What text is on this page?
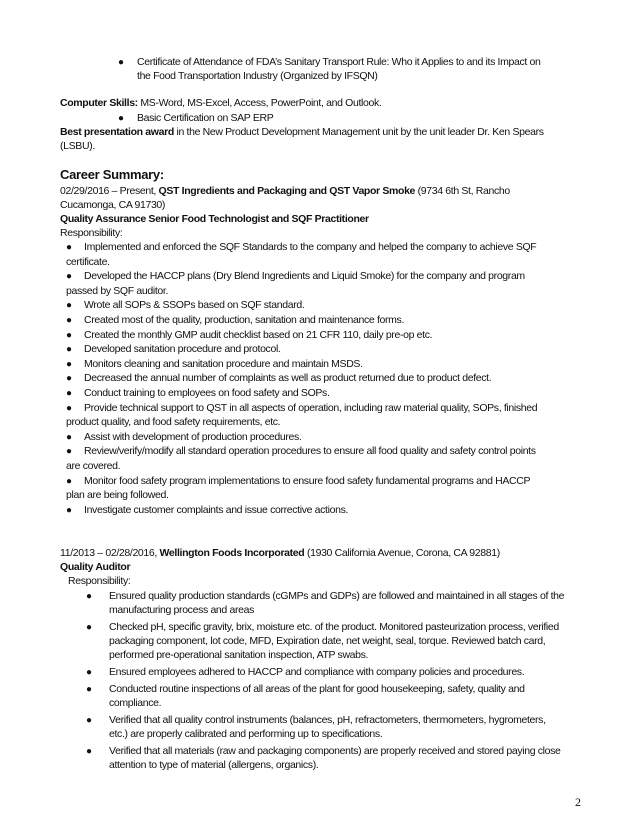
● Certificate of Attendance of FDA’s Sanitary Transport Rule: Who it Applies to and its Impact on
the Food Transportation Industry (Organized by IFSQN)
Computer Skills: MS-Word, MS-Excel, Access, PowerPoint, and Outlook.
● Basic Certification on SAP ERP
Best presentation award in the New Product Development Management unit by the unit leader Dr. Ken Spears
(LSBU).
Career Summary:
02/29/2016 – Present, QST Ingredients and Packaging and QST Vapor Smoke (9734 6th St, Rancho
Cucamonga, CA 91730)
Quality Assurance Senior Food Technologist and SQF Practitioner
Responsibility:
● Implemented and enforced the SQF Standards to the company and helped the company to achieve SQF
certificate.
● Developed the HACCP plans (Dry Blend Ingredients and Liquid Smoke) for the company and program
passed by SQF auditor.
● Wrote all SOPs & SSOPs based on SQF standard.
● Created most of the quality, production, sanitation and maintenance forms.
● Created the monthly GMP audit checklist based on 21 CFR 110, daily pre-op etc.
● Developed sanitation procedure and protocol.
● Monitors cleaning and sanitation procedure and maintain MSDS.
● Decreased the annual number of complaints as well as product returned due to product defect.
● Conduct training to employees on food safety and SOPs.
● Provide technical support to QST in all aspects of operation, including raw material quality, SOPs, finished
product quality, and food safety requirements, etc.
● Assist with development of production procedures.
● Review/verify/modify all standard operation procedures to ensure all food quality and safety control points
are covered.
● Monitor food safety program implementations to ensure food safety fundamental programs and HACCP
plan are being followed.
● Investigate customer complaints and issue corrective actions.
11/2013 – 02/28/2016, Wellington Foods Incorporated (1930 California Avenue, Corona, CA 92881)
Quality Auditor
Responsibility:
● Ensured quality production standards (cGMPs and GDPs) are followed and maintained in all stages of the
manufacturing process and areas
● Checked pH, specific gravity, brix, moisture etc. of the product. Monitored pasteurization process, verified
packaging component, lot code, MFD, Expiration date, net weight, seal, torque. Reviewed batch card,
performed pre-operational sanitation inspection, ATP swabs.
● Ensured employees adhered to HACCP and compliance with company policies and procedures.
● Conducted routine inspections of all areas of the plant for good housekeeping, safety, quality and
compliance.
● Verified that all quality control instruments (balances, pH, refractometers, thermometers, hygrometers,
etc.) are properly calibrated and performing up to specifications.
● Verified that all materials (raw and packaging components) are properly received and stored paying close
attention to type of material (allergens, organics).
2
